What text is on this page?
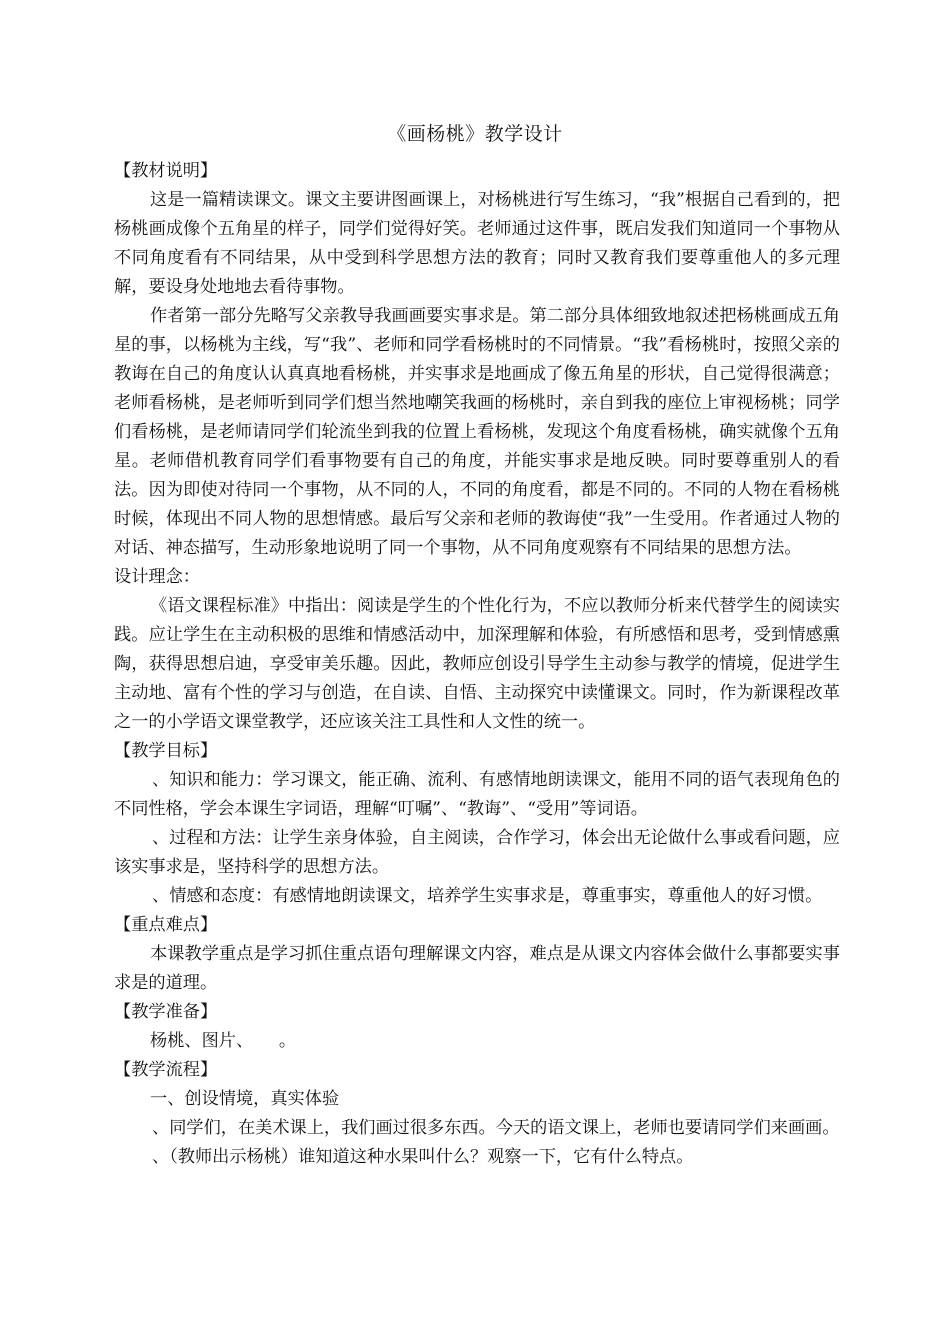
《画杨桃》教学设计

【教材说明】

这是一篇精读课文。课文主要讲图画课上，对杨桃进行写生练习，“我”根据自己看到的，把杨桃画成像个五角星的样子，同学们觉得好笑。老师通过这件事，既启发我们知道同一个事物从不同角度看有不同结果，从中受到科学思想方法的教育；同时又教育我们要尊重他人的多元理解，要设身处地地去看待事物。

作者第一部分先略写父亲教导我画画要实事求是。第二部分具体细致地叙述把杨桃画成五角星的事，以杨桃为主线，写“我”、老师和同学看杨桃时的不同情景。“我”看杨桃时，按照父亲的教诲在自己的角度认认真真地看杨桃，并实事求是地画成了像五角星的形状，自己觉得很满意；老师看杨桃，是老师听到同学们想当然地嘲笑我画的杨桃时，亲自到我的座位上审视杨桃；同学们看杨桃，是老师请同学们轮流坐到我的位置上看杨桃，发现这个角度看杨桃，确实就像个五角星。老师借机教育同学们看事物要有自己的角度，并能实事求是地反映。同时要尊重别人的看法。因为即使对待同一个事物，从不同的人，不同的角度看，都是不同的。不同的人物在看杨桃时候，体现出不同人物的思想情感。最后写父亲和老师的教诲使“我”一生受用。作者通过人物的对话、神态描写，生动形象地说明了同一个事物，从不同角度观察有不同结果的思想方法。

设计理念：

《语文课程标准》中指出：阅读是学生的个性化行为，不应以教师分析来代替学生的阅读实践。应让学生在主动积极的思维和情感活动中，加深理解和体验，有所感悟和思考，受到情感熏陶，获得思想启迪，享受审美乐趣。因此，教师应创设引导学生主动参与教学的情境，促进学生主动地、富有个性的学习与创造，在自读、自悟、主动探究中读懂课文。同时，作为新课程改革之一的小学语文课堂教学，还应该关注工具性和人文性的统一。

【教学目标】

、知识和能力：学习课文，能正确、流利、有感情地朗读课文，能用不同的语气表现角色的不同性格，学会本课生字词语，理解“叮嘱”、“教诲”、“受用”等词语。

、过程和方法：让学生亲身体验，自主阅读，合作学习，体会出无论做什么事或看问题，应该实事求是，坚持科学的思想方法。

、情感和态度：有感情地朗读课文，培养学生实事求是，尊重事实，尊重他人的好习惯。

【重点难点】

本课教学重点是学习抓住重点语句理解课文内容，难点是从课文内容体会做什么事都要实事求是的道理。

【教学准备】

杨桃、图片、　　。

【教学流程】

一、创设情境，真实体验

、同学们，在美术课上，我们画过很多东西。今天的语文课上，老师也要请同学们来画画。

、（教师出示杨桃）谁知道这种水果叫什么？观察一下，它有什么特点。
